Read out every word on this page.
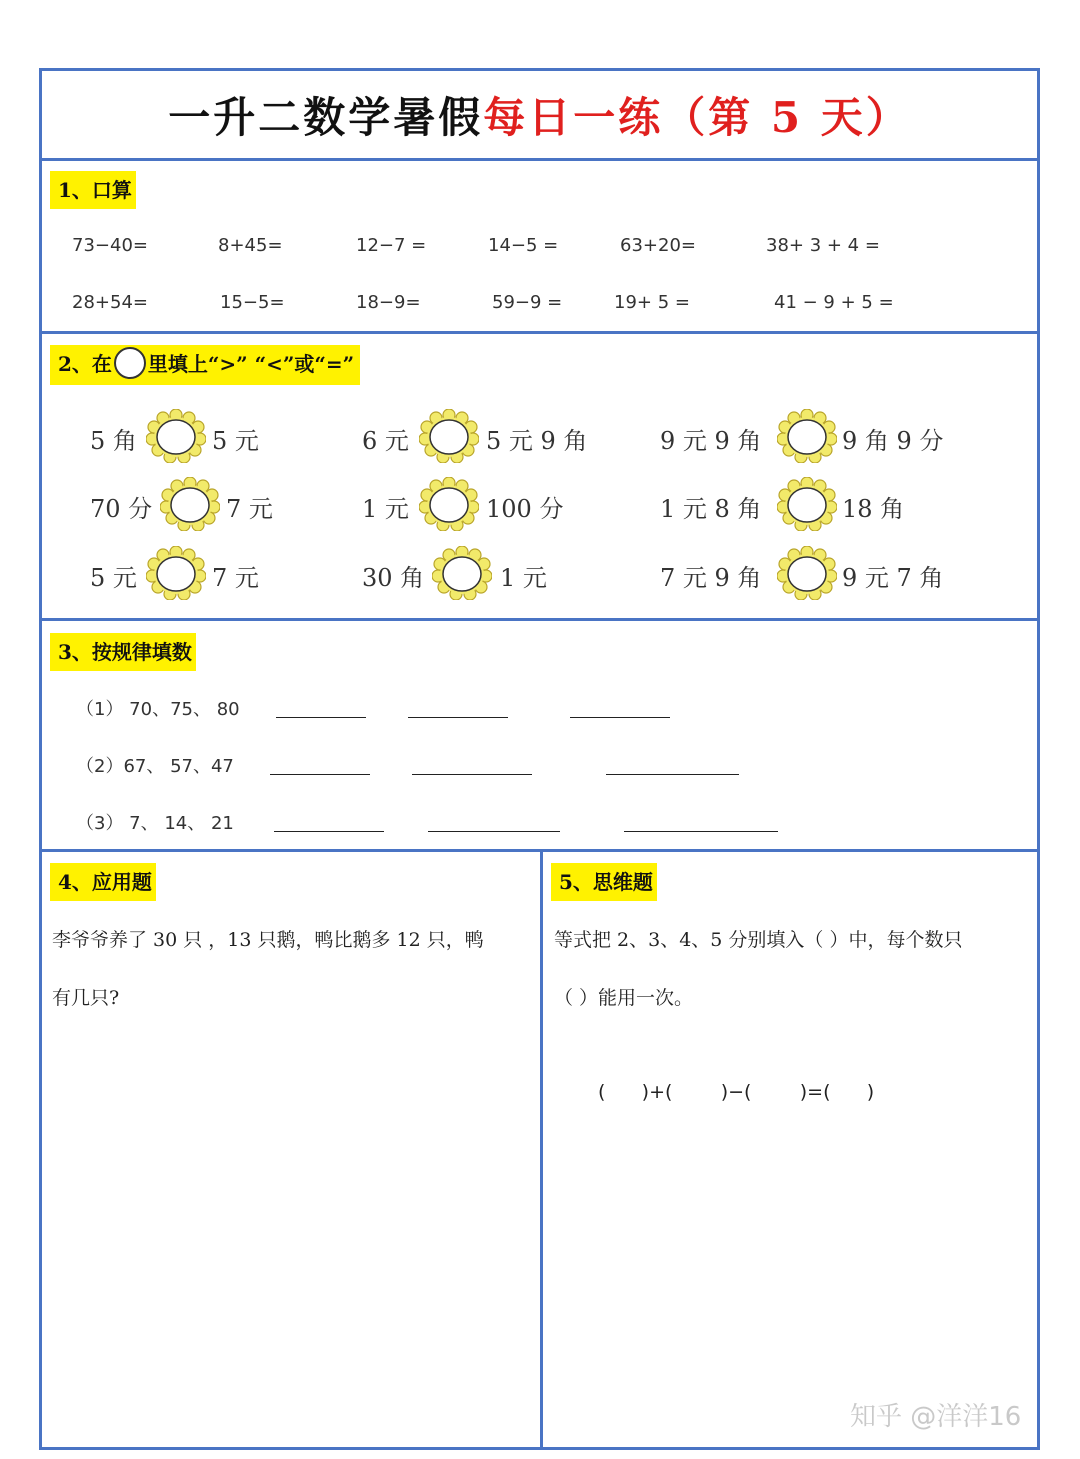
一升二数学暑假 每日一练（第 5 天）
1、口算
73−40=	8+45=	12−7 =	14−5 =	63+20=	38+ 3 + 4 =
28+54=	15−5=	18−9=	59−9 =	19+ 5 =	41 − 9 + 5 =
2、在 里填上“>” “<”或“=”
5 角	5 元	6 元	5 元 9 角	9 元 9 角	9 角 9 分
70 分	7 元	1 元	100 分	1 元 8 角	18 角
5 元	7 元	30 角	1 元	7 元 9 角	9 元 7 角
3、按规律填数
（1） 70、75、 80
（2）67、 57、47
（3） 7、 14、 21
4、应用题
李爷爷养了 30 只 ，13 只鹅，鸭比鹅多 12 只，鸭
有几只?
5、思维题
等式把 2、3、4、5 分别填入（ ）中，每个数只
（ ）能用一次。
(      )+(        )−(        )=(      )
知乎 @洋洋16
